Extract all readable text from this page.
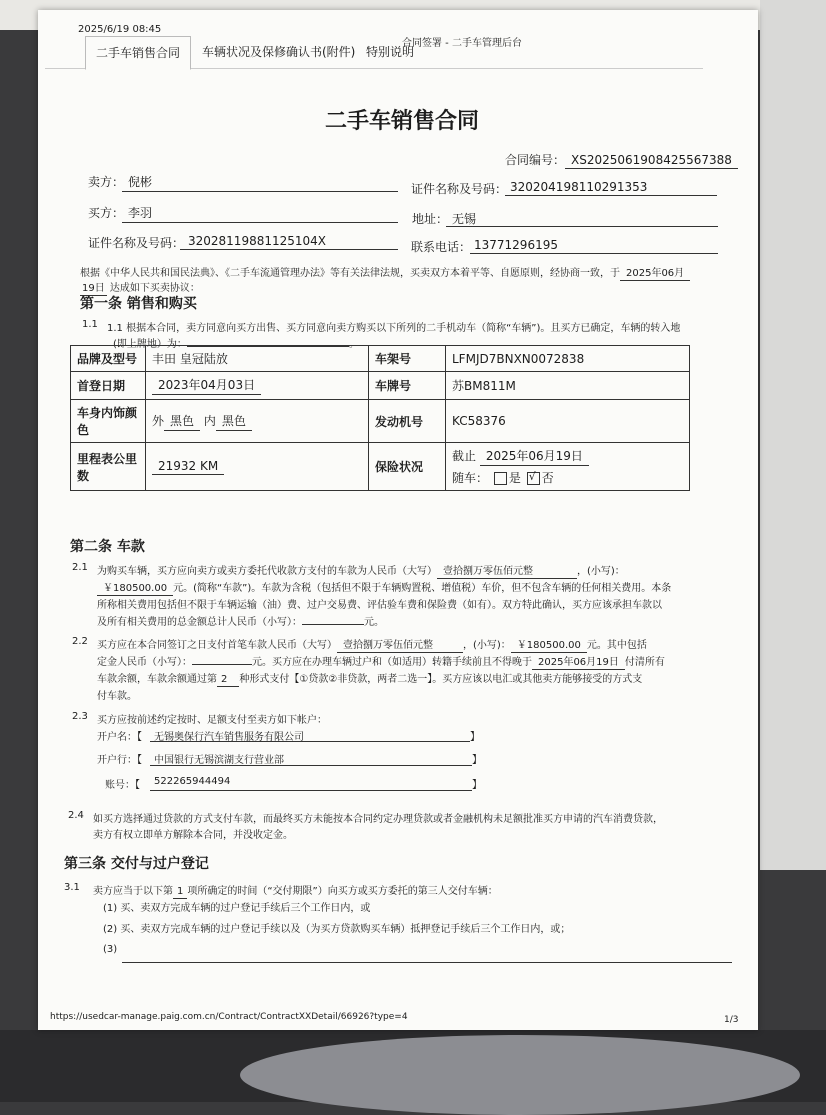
2025/6/19 08:45
合同签署 - 二手车管理后台
二手车销售合同	车辆状况及保修确认书(附件) 特别说明
二手车销售合同
合同编号： XS2025061908425567388
卖方： 倪彬	证件名称及号码： 320204198110291353
买方： 李羽	地址： 无锡
证件名称及号码： 32028119881125104X	联系电话： 13771296195
根据《中华人民共和国民法典》、《二手车流通管理办法》等有关法律法规，买卖双方本着平等、自愿原则，经协商一致，于 2025年06月
19日 达成如下买卖协议：
第一条 销售和购买
1.1 1.1 根据本合同，卖方同意向买方出售、买方同意向卖方购买以下所列的二手机动车（简称“车辆”)。且买方已确定，车辆的转入地
(即上牌地）为：	。
品牌及型号	丰田 皇冠陆放	车架号	LFMJD7BNXN0072838
首登日期	2023年04月03日	车牌号	苏BM811M
车身内饰颜色	外 黑色 内 黑色	发动机号	KC58376
里程表公里数	21932 KM	保险状况	截止 2025年06月19日
随车： 是 √ 否
第二条 车款
2.1 为购买车辆，买方应向卖方或卖方委托代收款方支付的车款为人民币（大写） 壹拾捌万零伍佰元整	，(小写)：
￥180500.00 元。(简称“车款”)。车款为含税（包括但不限于车辆购置税、增值税）车价，但不包含车辆的任何相关费用。本条
所称相关费用包括但不限于车辆运输（油）费、过户交易费、评估验车费和保险费（如有）。双方特此确认，买方应该承担车款以
及所有相关费用的总金额总计人民币（小写）：	元。
2.2 买方应在本合同签订之日支付首笔车款人民币（大写） 壹拾捌万零伍佰元整	，(小写)： ￥180500.00 元。其中包括
定金人民币（小写）：	元。买方应在办理车辆过户和（如适用）转籍手续前且不得晚于 2025年06月19日 付清所有
车款余额，车款余额通过第 2 种形式支付【①贷款②非贷款，两者二选一】。买方应该以电汇或其他卖方能够接受的方式支
付车款。
2.3 买方应按前述约定按时、足额支付至卖方如下帐户：
开户名：【 无锡奥保行汽车销售服务有限公司	】
开户行：【 中国银行无锡滨湖支行营业部	】
账号：【 522265944494	】
2.4 如买方选择通过贷款的方式支付车款，而最终买方未能按本合同约定办理贷款或者金融机构未足额批准买方申请的汽车消费贷款，
卖方有权立即单方解除本合同，并没收定金。
第三条 交付与过户登记
3.1 卖方应当于以下第 1 项所确定的时间（“交付期限”）向买方或买方委托的第三人交付车辆：
(1) 买、卖双方完成车辆的过户登记手续后三个工作日内，或
(2) 买、卖双方完成车辆的过户登记手续以及（为买方贷款购买车辆）抵押登记手续后三个工作日内，或；
(3)
https://usedcar-manage.paig.com.cn/Contract/ContractXXDetail/66926?type=4	1/3
